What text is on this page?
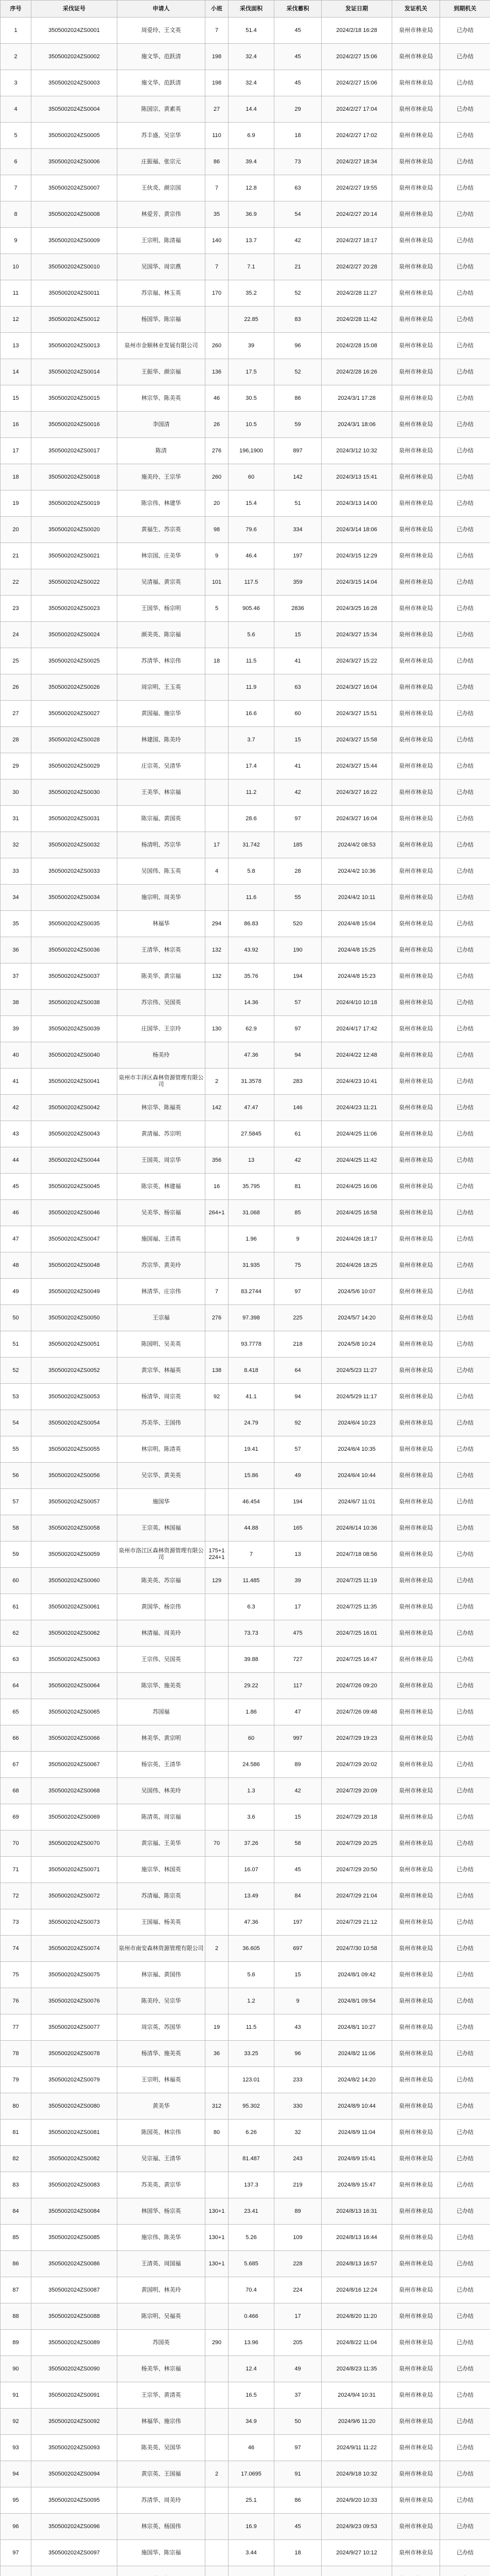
序号	采伐证号	申请人	小班	采伐面积	采伐蓄积	发证日期	发证机关	到期机关
1	3505002024ZS0001	周爱玲、王文英	7	51.4	45	2024/2/18 16:28	泉州市林业局	已办结
2	3505002024ZS0002	施文华、范跃清	198	32.4	45	2024/2/27 15:06	泉州市林业局	已办结
3	3505002024ZS0003	施文华、范跃清	198	32.4	45	2024/2/27 15:06	泉州市林业局	已办结
4	3505002024ZS0004	陈国宗、黄素英	27	14.4	29	2024/2/27 17:04	泉州市林业局	已办结
5	3505002024ZS0005	苏丰盛、吴宗华	110	6.9	18	2024/2/27 17:02	泉州市林业局	已办结
6	3505002024ZS0006	庄振福、张宗元	86	39.4	73	2024/2/27 18:34	泉州市林业局	已办结
7	3505002024ZS0007	王伙炎、颜宗国	7	12.8	63	2024/2/27 19:55	泉州市林业局	已办结
8	3505002024ZS0008	林爱芳、黄宗伟	35	36.9	54	2024/2/27 20:14	泉州市林业局	已办结
9	3505002024ZS0009	王宗明、陈清福	140	13.7	42	2024/2/27 18:17	泉州市林业局	已办结
10	3505002024ZS0010	吴国华、周宗燕	7	7.1	21	2024/2/27 20:28	泉州市林业局	已办结
11	3505002024ZS0011	苏宗福、林玉英	170	35.2	52	2024/2/28 11:27	泉州市林业局	已办结
12	3505002024ZS0012	杨国华、陈宗福		22.85	83	2024/2/28 11:42	泉州市林业局	已办结
13	3505002024ZS0013	泉州市金顺林业发展有限公司	260	39	96	2024/2/28 15:08	泉州市林业局	已办结
14	3505002024ZS0014	王振华、颜宗福	136	17.5	52	2024/2/28 16:26	泉州市林业局	已办结
15	3505002024ZS0015	林宗华、陈美英	46	30.5	86	2024/3/1 17:28	泉州市林业局	已办结
16	3505002024ZS0016	李国清	26	10.5	59	2024/3/1 18:06	泉州市林业局	已办结
17	3505002024ZS0017	陈清	276	196,1900	897	2024/3/12 10:32	泉州市林业局	已办结
18	3505002024ZS0018	施美玲、王宗华	260	60	142	2024/3/13 15:41	泉州市林业局	已办结
19	3505002024ZS0019	陈宗伟、林建华	20	15.4	51	2024/3/13 14:00	泉州市林业局	已办结
20	3505002024ZS0020	黄福生、苏宗英	98	79.6	334	2024/3/14 18:06	泉州市林业局	已办结
21	3505002024ZS0021	林宗国、庄美华	9	46.4	197	2024/3/15 12:29	泉州市林业局	已办结
22	3505002024ZS0022	吴清福、黄宗英	101	117.5	359	2024/3/15 14:04	泉州市林业局	已办结
23	3505002024ZS0023	王国华、杨宗明	5	905.46	2836	2024/3/25 16:28	泉州市林业局	已办结
24	3505002024ZS0024	颜美英、陈宗福		5.6	15	2024/3/27 15:34	泉州市林业局	已办结
25	3505002024ZS0025	苏清华、林宗伟	18	11.5	41	2024/3/27 15:22	泉州市林业局	已办结
26	3505002024ZS0026	周宗明、王玉英		11.9	63	2024/3/27 16:04	泉州市林业局	已办结
27	3505002024ZS0027	黄国福、施宗华		16.6	60	2024/3/27 15:51	泉州市林业局	已办结
28	3505002024ZS0028	林建国、陈美玲		3.7	15	2024/3/27 15:58	泉州市林业局	已办结
29	3505002024ZS0029	庄宗英、吴清华		17.4	41	2024/3/27 15:44	泉州市林业局	已办结
30	3505002024ZS0030	王美华、林宗福		11.2	42	2024/3/27 16:22	泉州市林业局	已办结
31	3505002024ZS0031	陈宗福、黄国英		28.6	97	2024/3/27 16:04	泉州市林业局	已办结
32	3505002024ZS0032	杨清明、苏宗华	17	31.742	185	2024/4/2 08:53	泉州市林业局	已办结
33	3505002024ZS0033	吴国伟、陈玉英	4	5.8	28	2024/4/2 10:36	泉州市林业局	已办结
34	3505002024ZS0034	施宗明、周美华		11.6	55	2024/4/2 10:11	泉州市林业局	已办结
35	3505002024ZS0035	林福华	294	86.83	520	2024/4/8 15:04	泉州市林业局	已办结
36	3505002024ZS0036	王清华、林宗英	132	43.92	190	2024/4/8 15:25	泉州市林业局	已办结
37	3505002024ZS0037	陈美华、黄宗福	132	35.76	194	2024/4/8 15:23	泉州市林业局	已办结
38	3505002024ZS0038	苏宗伟、吴国英		14.36	57	2024/4/10 10:18	泉州市林业局	已办结
39	3505002024ZS0039	庄国华、王宗玲	130	62.9	97	2024/4/17 17:42	泉州市林业局	已办结
40	3505002024ZS0040	杨美玲		47.36	94	2024/4/22 12:48	泉州市林业局	已办结
41	3505002024ZS0041	泉州市丰泽区森林资源管理有限公司	2	31.3578	283	2024/4/23 10:41	泉州市林业局	已办结
42	3505002024ZS0042	林宗华、陈福英	142	47.47	146	2024/4/23 11:21	泉州市林业局	已办结
43	3505002024ZS0043	黄清福、苏宗明		27.5845	61	2024/4/25 11:06	泉州市林业局	已办结
44	3505002024ZS0044	王国英、周宗华	356	13	42	2024/4/25 11:42	泉州市林业局	已办结
45	3505002024ZS0045	陈宗英、林建福	16	35.795	81	2024/4/25 16:06	泉州市林业局	已办结
46	3505002024ZS0046	吴美华、杨宗福	264+1	31.068	85	2024/4/25 16:58	泉州市林业局	已办结
47	3505002024ZS0047	施国福、王清英		1.96	9	2024/4/26 18:17	泉州市林业局	已办结
48	3505002024ZS0048	苏宗华、黄美玲		31.935	75	2024/4/26 18:25	泉州市林业局	已办结
49	3505002024ZS0049	林清华、庄宗伟	7	83.2744	97	2024/5/6 10:07	泉州市林业局	已办结
50	3505002024ZS0050	王宗福	276	97.398	225	2024/5/7 14:20	泉州市林业局	已办结
51	3505002024ZS0051	陈国明、吴美英		93.7778	218	2024/5/8 10:24	泉州市林业局	已办结
52	3505002024ZS0052	黄宗华、林福英	138	8.418	64	2024/5/23 11:27	泉州市林业局	已办结
53	3505002024ZS0053	杨清华、周宗英	92	41.1	94	2024/5/29 11:17	泉州市林业局	已办结
54	3505002024ZS0054	苏美华、王国伟		24.79	92	2024/6/4 10:23	泉州市林业局	已办结
55	3505002024ZS0055	林宗明、陈清英		19.41	57	2024/6/4 10:35	泉州市林业局	已办结
56	3505002024ZS0056	吴宗华、黄美英		15.86	49	2024/6/4 10:44	泉州市林业局	已办结
57	3505002024ZS0057	施国华		46.454	194	2024/6/7 11:01	泉州市林业局	已办结
58	3505002024ZS0058	王宗英、林国福		44.88	165	2024/6/14 10:36	泉州市林业局	已办结
59	3505002024ZS0059	泉州市洛江区森林资源管理有限公司	175+1 224+1	7	13	2024/7/18 08:56	泉州市林业局	已办结
60	3505002024ZS0060	陈美英、苏宗福	129	11.485	39	2024/7/25 11:19	泉州市林业局	已办结
61	3505002024ZS0061	黄国华、杨宗伟		6.3	17	2024/7/25 11:35	泉州市林业局	已办结
62	3505002024ZS0062	林清福、周美玲		73.73	475	2024/7/25 16:01	泉州市林业局	已办结
63	3505002024ZS0063	王宗伟、吴国英		39.88	727	2024/7/25 16:47	泉州市林业局	已办结
64	3505002024ZS0064	陈宗华、施美英		29.22	117	2024/7/26 09:20	泉州市林业局	已办结
65	3505002024ZS0065	苏国福		1.86	47	2024/7/26 09:48	泉州市林业局	已办结
66	3505002024ZS0066	林美华、黄宗明		60	997	2024/7/29 19:23	泉州市林业局	已办结
67	3505002024ZS0067	杨宗英、王清华		24.586	89	2024/7/29 20:02	泉州市林业局	已办结
68	3505002024ZS0068	吴国伟、林美玲		1.3	42	2024/7/29 20:09	泉州市林业局	已办结
69	3505002024ZS0069	陈清英、周宗福		3.6	15	2024/7/29 20:18	泉州市林业局	已办结
70	3505002024ZS0070	黄宗福、王美华	70	37.26	58	2024/7/29 20:25	泉州市林业局	已办结
71	3505002024ZS0071	施宗华、林国英		16.07	45	2024/7/29 20:50	泉州市林业局	已办结
72	3505002024ZS0072	苏清福、陈宗英		13.49	84	2024/7/29 21:04	泉州市林业局	已办结
73	3505002024ZS0073	王国福、杨美英		47.36	197	2024/7/29 21:12	泉州市林业局	已办结
74	3505002024ZS0074	泉州市南安森林资源管理有限公司	2	36.605	697	2024/7/30 10:58	泉州市林业局	已办结
75	3505002024ZS0075	林宗福、黄国伟		5.6	15	2024/8/1 09:42	泉州市林业局	已办结
76	3505002024ZS0076	陈美玲、吴宗华		1.2	9	2024/8/1 09:54	泉州市林业局	已办结
77	3505002024ZS0077	周宗英、苏国华	19	11.5	43	2024/8/1 10:27	泉州市林业局	已办结
78	3505002024ZS0078	杨清华、施美英	36	33.25	96	2024/8/2 11:06	泉州市林业局	已办结
79	3505002024ZS0079	王宗明、林福英		123.01	233	2024/8/2 14:20	泉州市林业局	已办结
80	3505002024ZS0080	黄美华	312	95.302	330	2024/8/9 10:44	泉州市林业局	已办结
81	3505002024ZS0081	陈国英、林宗伟	80	6.26	32	2024/8/9 11:04	泉州市林业局	已办结
82	3505002024ZS0082	吴宗福、王清华		81.487	243	2024/8/9 15:41	泉州市林业局	已办结
83	3505002024ZS0083	苏美英、黄宗华		137.3	219	2024/8/9 15:47	泉州市林业局	已办结
84	3505002024ZS0084	林国华、杨宗英	130+1	23.41	89	2024/8/13 16:31	泉州市林业局	已办结
85	3505002024ZS0085	施宗伟、陈美华	130+1	5.26	109	2024/8/13 16:44	泉州市林业局	已办结
86	3505002024ZS0086	王清英、周国福	130+1	5.685	228	2024/8/13 16:57	泉州市林业局	已办结
87	3505002024ZS0087	黄国明、林美玲		70.4	224	2024/8/16 12:24	泉州市林业局	已办结
88	3505002024ZS0088	陈宗明、吴福英		0.466	17	2024/8/20 11:20	泉州市林业局	已办结
89	3505002024ZS0089	苏国英	290	13.96	205	2024/8/22 11:04	泉州市林业局	已办结
90	3505002024ZS0090	杨美华、林宗福		12.4	49	2024/8/23 11:35	泉州市林业局	已办结
91	3505002024ZS0091	王宗华、黄清英		16.5	37	2024/9/4 10:31	泉州市林业局	已办结
92	3505002024ZS0092	林福华、施宗伟		34.9	50	2024/9/6 11:20	泉州市林业局	已办结
93	3505002024ZS0093	陈美英、吴国华		46	97	2024/9/11 11:22	泉州市林业局	已办结
94	3505002024ZS0094	黄宗英、王国福	2	17.0695	91	2024/9/18 10:32	泉州市林业局	已办结
95	3505002024ZS0095	苏清华、周美玲		25.1	86	2024/9/20 10:33	泉州市林业局	已办结
96	3505002024ZS0096	林宗英、杨国伟		16.9	45	2024/9/23 09:53	泉州市林业局	已办结
97	3505002024ZS0097	施国华、陈宗福		3.44	18	2024/9/27 10:12	泉州市林业局	已办结
